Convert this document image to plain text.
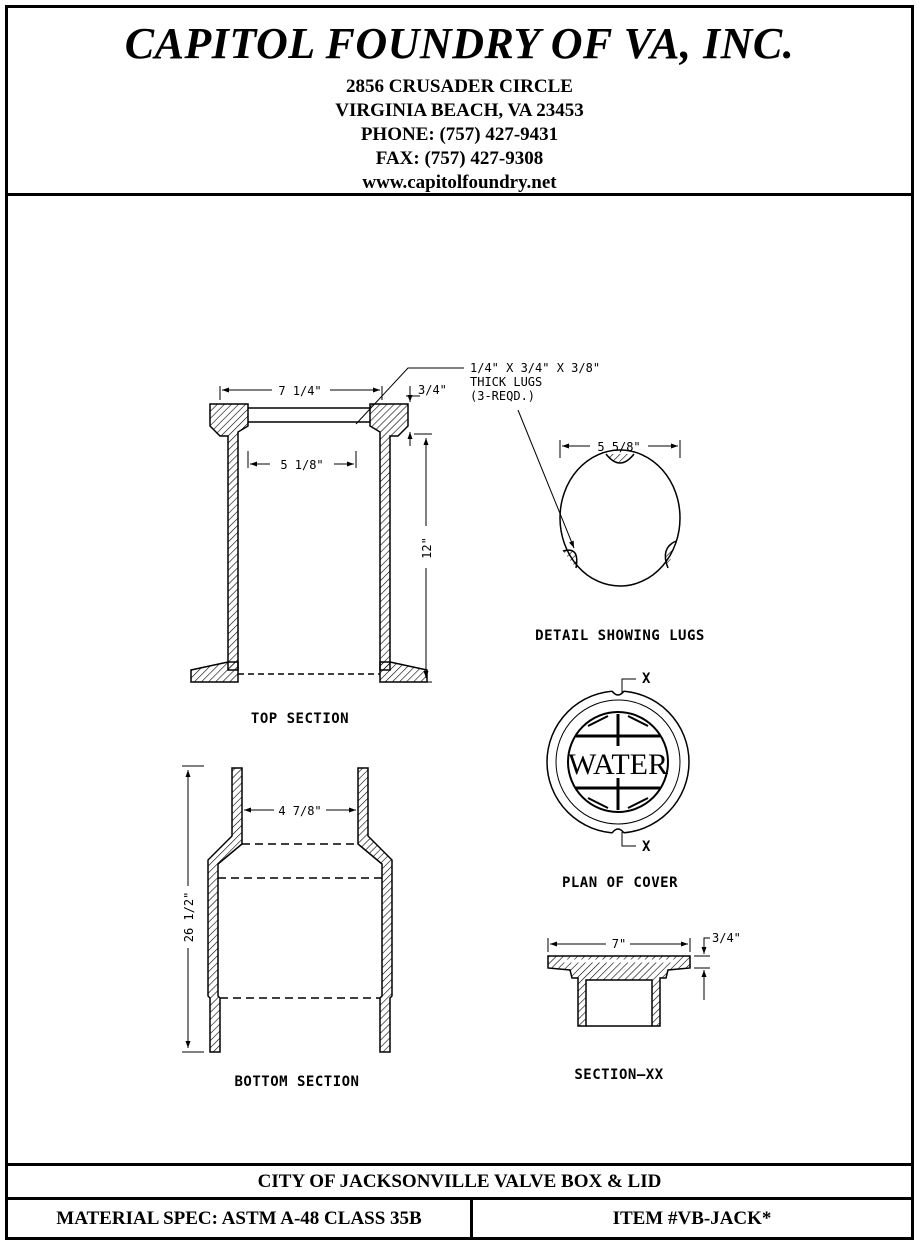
CAPITOL FOUNDRY OF VA, INC.
2856 CRUSADER CIRCLE
VIRGINIA BEACH, VA 23453
PHONE: (757) 427-9431
FAX: (757) 427-9308
www.capitolfoundry.net
7 1/4"	3/4"
5 1/8"
12"
TOP SECTION
1/4" X 3/4" X 3/8"
THICK LUGS
(3-REQD.)
5 5/8"
DETAIL SHOWING LUGS
WATER
X
X
PLAN OF COVER
4 7/8"
26 1/2"
BOTTOM SECTION
7"	3/4"
SECTION—XX
CITY OF JACKSONVILLE VALVE BOX & LID
MATERIAL SPEC: ASTM A-48 CLASS 35B	ITEM #VB-JACK*
